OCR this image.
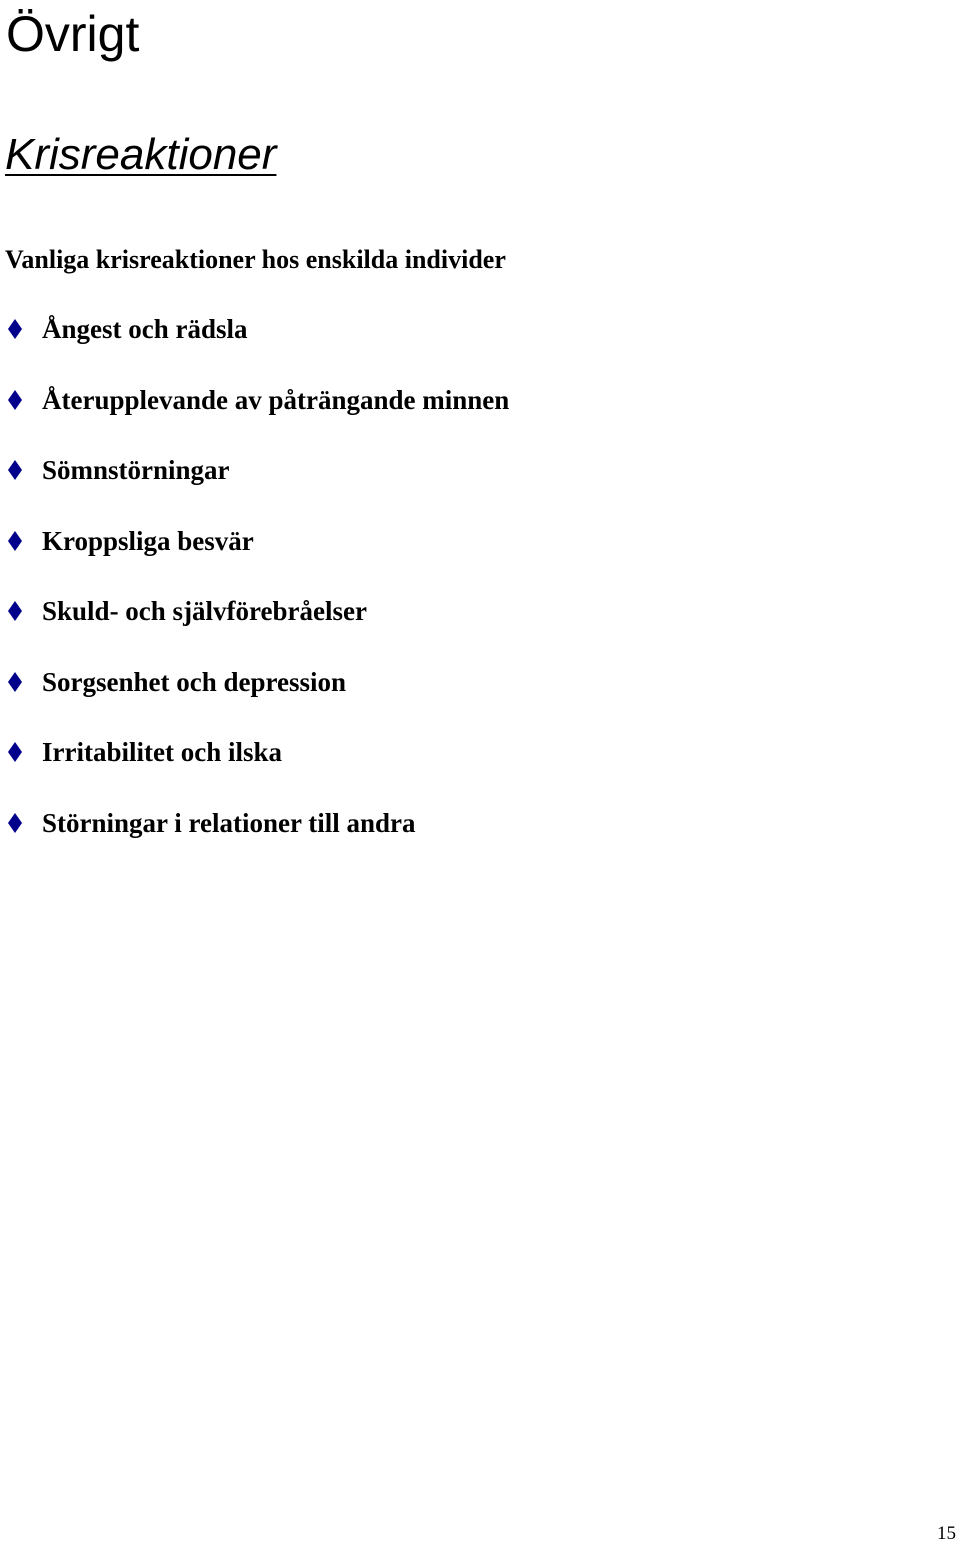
Övrigt
Krisreaktioner

Vanliga krisreaktioner hos enskilda individer

Ångest och rädsla
Återupplevande av påträngande minnen
Sömnstörningar
Kroppsliga besvär
Skuld- och självförebråelser
Sorgsenhet och depression
Irritabilitet och ilska
Störningar i relationer till andra
15
